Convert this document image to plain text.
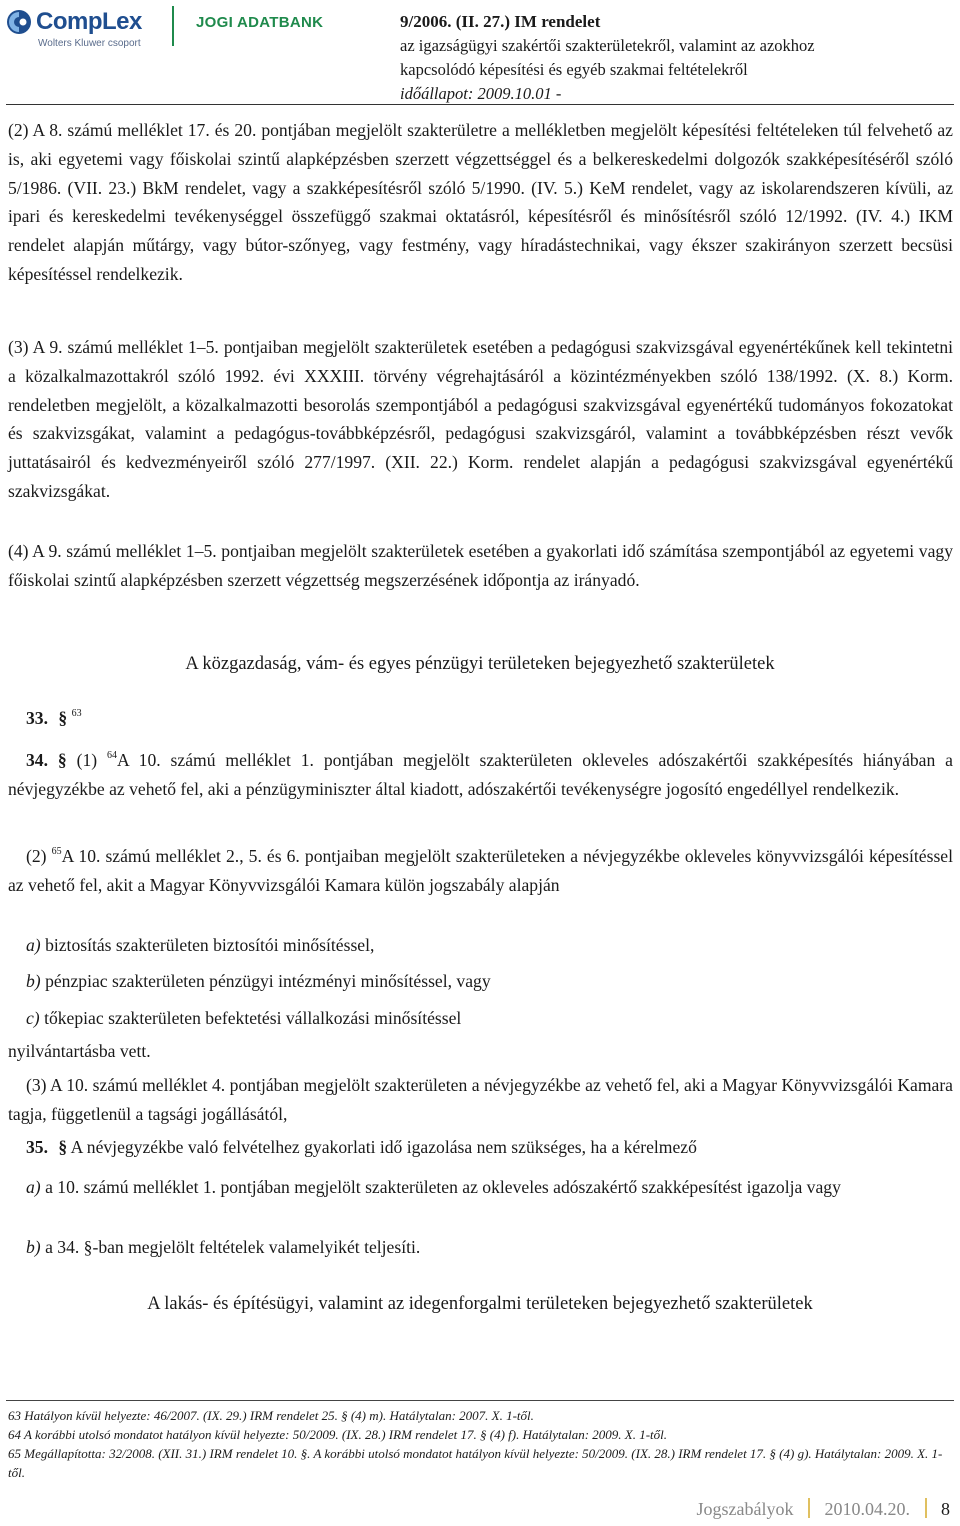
CompLex
Wolters Kluwer csoport
JOGI ADATBANK	9/2006. (II. 27.) IM rendelet
az igazságügyi szakértői szakterületekről, valamint az azokhoz
kapcsolódó képesítési és egyéb szakmai feltételekről
időállapot: 2009.10.01 -
(2) A 8. számú melléklet 17. és 20. pontjában megjelölt szakterületre a mellékletben megjelölt képesítési feltételeken túl felvehető az is, aki egyetemi vagy főiskolai szintű alapképzésben szerzett végzettséggel és a belkereskedelmi dolgozók szakképesítéséről szóló 5/1986. (VII. 23.) BkM rendelet, vagy a szakképesítésről szóló 5/1990. (IV. 5.) KeM rendelet, vagy az iskolarendszeren kívüli, az ipari és kereskedelmi tevékenységgel összefüggő szakmai oktatásról, képesítésről és minősítésről szóló 12/1992. (IV. 4.) IKM rendelet alapján műtárgy, vagy bútor-szőnyeg, vagy festmény, vagy híradástechnikai, vagy ékszer szakirányon szerzett becsüsi képesítéssel rendelkezik.
(3) A 9. számú melléklet 1–5. pontjaiban megjelölt szakterületek esetében a pedagógusi szakvizsgával egyenértékűnek kell tekintetni a közalkalmazottakról szóló 1992. évi XXXIII. törvény végrehajtásáról a közintézményekben szóló 138/1992. (X. 8.) Korm. rendeletben megjelölt, a közalkalmazotti besorolás szempontjából a pedagógusi szakvizsgával egyenértékű tudományos fokozatokat és szakvizsgákat, valamint a pedagógus-továbbképzésről, pedagógusi szakvizsgáról, valamint a továbbképzésben részt vevők juttatásairól és kedvezményeiről szóló 277/1997. (XII. 22.) Korm. rendelet alapján a pedagógusi szakvizsgával egyenértékű szakvizsgákat.
(4) A 9. számú melléklet 1–5. pontjaiban megjelölt szakterületek esetében a gyakorlati idő számítása szempontjából az egyetemi vagy főiskolai szintű alapképzésben szerzett végzettség megszerzésének időpontja az irányadó.
A közgazdaság, vám- és egyes pénzügyi területeken bejegyezhető szakterületek
33. § $^{63}$
34. § (1) $^{64}$A 10. számú melléklet 1. pontjában megjelölt szakterületen okleveles adószakértői szakképesítés hiányában a névjegyzékbe az vehető fel, aki a pénzügyminiszter által kiadott, adószakértői tevékenységre jogosító engedéllyel rendelkezik.
(2) $^{65}$A 10. számú melléklet 2., 5. és 6. pontjaiban megjelölt szakterületeken a névjegyzékbe okleveles könyvvizsgálói képesítéssel az vehető fel, akit a Magyar Könyvvizsgálói Kamara külön jogszabály alapján
a) biztosítás szakterületen biztosítói minősítéssel,
b) pénzpiac szakterületen pénzügyi intézményi minősítéssel, vagy
c) tőkepiac szakterületen befektetési vállalkozási minősítéssel
nyilvántartásba vett.
(3) A 10. számú melléklet 4. pontjában megjelölt szakterületen a névjegyzékbe az vehető fel, aki a Magyar Könyvvizsgálói Kamara tagja, függetlenül a tagsági jogállásától,
35. § A névjegyzékbe való felvételhez gyakorlati idő igazolása nem szükséges, ha a kérelmező
a) a 10. számú melléklet 1. pontjában megjelölt szakterületen az okleveles adószakértő szakképesítést igazolja vagy
b) a 34. §-ban megjelölt feltételek valamelyikét teljesíti.
A lakás- és építésügyi, valamint az idegenforgalmi területeken bejegyezhető szakterületek
63 Hatályon kívül helyezte: 46/2007. (IX. 29.) IRM rendelet 25. § (4) m). Hatálytalan: 2007. X. 1-től.
64 A korábbi utolsó mondatot hatályon kívül helyezte: 50/2009. (IX. 28.) IRM rendelet 17. § (4) f). Hatálytalan: 2009. X. 1-től.
65 Megállapította: 32/2008. (XII. 31.) IRM rendelet 10. §. A korábbi utolsó mondatot hatályon kívül helyezte: 50/2009. (IX. 28.) IRM rendelet 17. § (4) g). Hatálytalan: 2009. X. 1-től.
Jogszabályok 2010.04.20. 8
